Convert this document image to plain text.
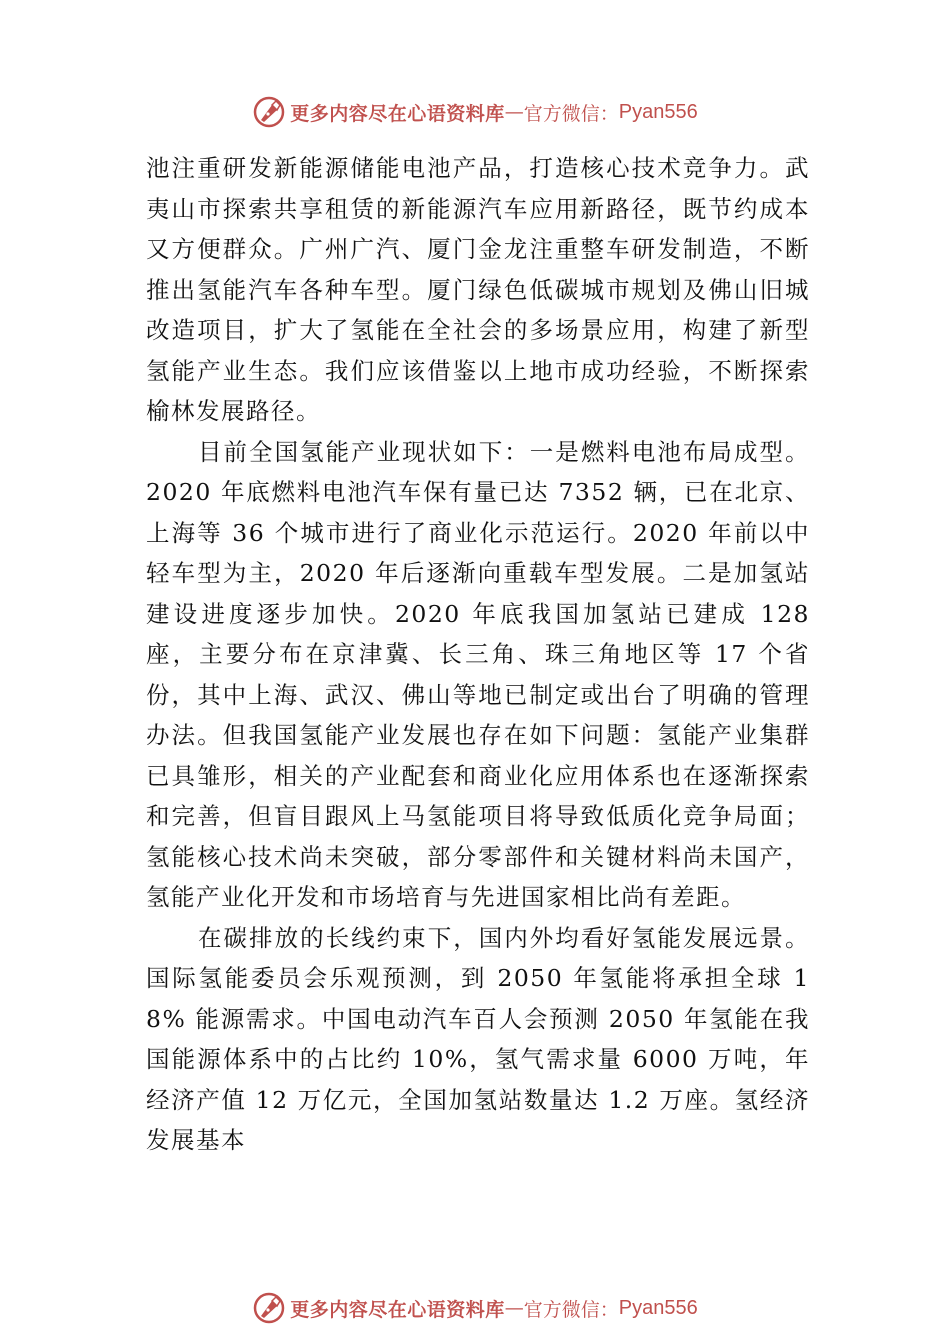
更多内容尽在心语资料库 — 官方微信： Pyan556

池注重研发新能源储能电池产品，打造核心技术竞争力。武夷山市探索共享租赁的新能源汽车应用新路径，既节约成本又方便群众。广州广汽、厦门金龙注重整车研发制造，不断推出氢能汽车各种车型。厦门绿色低碳城市规划及佛山旧城改造项目，扩大了氢能在全社会的多场景应用，构建了新型氢能产业生态。我们应该借鉴以上地市成功经验，不断探索榆林发展路径。

目前全国氢能产业现状如下：一是燃料电池布局成型。2020 年底燃料电池汽车保有量已达 7352 辆，已在北京、上海等 36 个城市进行了商业化示范运行。2020 年前以中轻车型为主，2020 年后逐渐向重载车型发展。二是加氢站建设进度逐步加快。2020 年底我国加氢站已建成 128 座，主要分布在京津冀、长三角、珠三角地区等 17 个省份，其中上海、武汉、佛山等地已制定或出台了明确的管理办法。但我国氢能产业发展也存在如下问题：氢能产业集群已具雏形，相关的产业配套和商业化应用体系也在逐渐探索和完善，但盲目跟风上马氢能项目将导致低质化竞争局面；氢能核心技术尚未突破，部分零部件和关键材料尚未国产，氢能产业化开发和市场培育与先进国家相比尚有差距。

在碳排放的长线约束下，国内外均看好氢能发展远景。国际氢能委员会乐观预测，到 2050 年氢能将承担全球 18% 能源需求。中国电动汽车百人会预测 2050 年氢能在我国能源体系中的占比约 10%，氢气需求量 6000 万吨，年经济产值 12 万亿元，全国加氢站数量达 1.2 万座。氢经济发展基本

更多内容尽在心语资料库 — 官方微信： Pyan556
